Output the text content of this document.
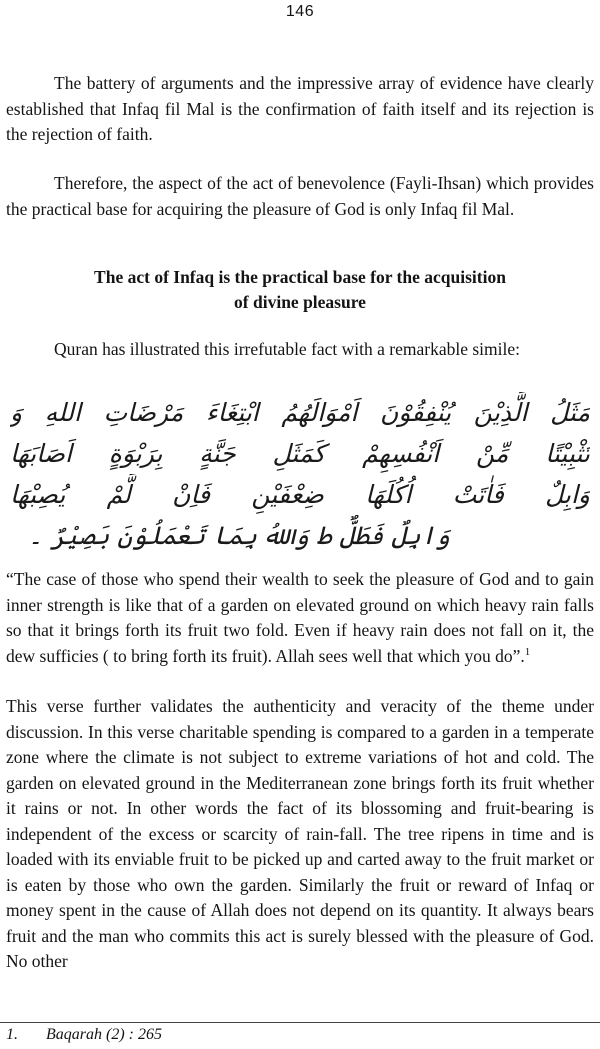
146

The battery of arguments and the impressive array of evidence have clearly established that Infaq fil Mal is the confirmation of faith itself and its rejection is the rejection of faith.

Therefore, the aspect of the act of benevolence (Fayli-Ihsan) which provides the practical base for acquiring the pleasure of God is only Infaq fil Mal.

The act of Infaq is the practical base for the acquisition
of divine pleasure

Quran has illustrated this irrefutable fact with a remarkable simile:

مَثَلُ الَّذِيْنَ يُنْفِقُوْنَ اَمْوَالَهُمُ ابْتِغَاءَ مَرْضَاتِ اللهِ وَ
تَثْبِيْتًا مِّنْ اَنْفُسِهِمْ كَمَثَلِ جَنَّةٍ بِرَبْوَةٍ اَصَابَهَا
وَابِلٌ فَاٰتَتْ اُكُلَهَا ضِعْفَيْنِ فَاِنْ لَّمْ يُصِبْهَا
وَابِلٌ فَطَلٌّ ط وَاللهُ بِمَا تَعْمَلُوْنَ بَصِيْرٌ ۔

“The case of those who spend their wealth to seek the pleasure of God and to gain inner strength is like that of a garden on elevated ground on which heavy rain falls so that it brings forth its fruit two fold. Even if heavy rain does not fall on it, the dew sufficies ( to bring forth its fruit). Allah sees well that which you do”.$^1$

This verse further validates the authenticity and veracity of the theme under discussion. In this verse charitable spending is compared to a garden in a temperate zone where the climate is not subject to extreme variations of hot and cold. The garden on elevated ground in the Mediterranean zone brings forth its fruit whether it rains or not. In other words the fact of its blossoming and fruit-bearing is independent of the excess or scarcity of rain-fall. The tree ripens in time and is loaded with its enviable fruit to be picked up and carted away to the fruit market or is eaten by those who own the garden. Similarly the fruit or reward of Infaq or money spent in the cause of Allah does not depend on its quantity. It always bears fruit and the man who commits this act is surely blessed with the pleasure of God. No other

1. Baqarah (2) : 265
